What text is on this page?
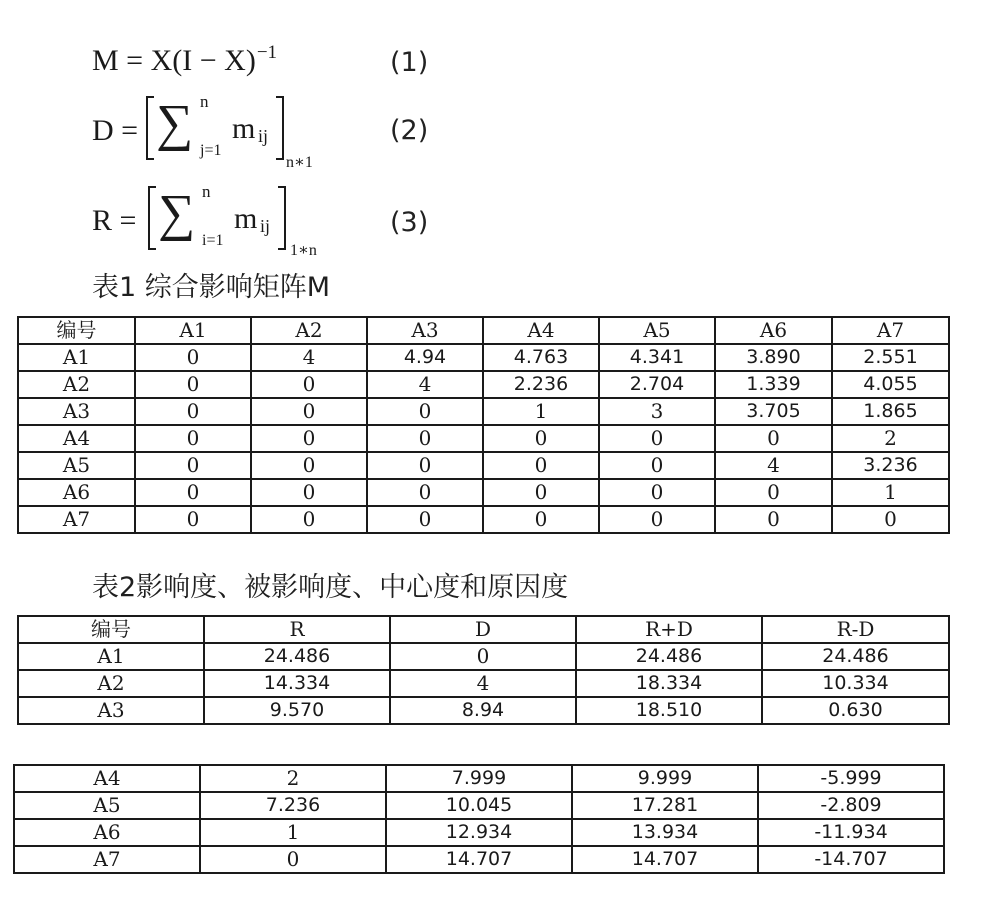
$M = X(I - X)^{-1}$	(1)
D = ∑ n
j=1
m ij
n∗1
(2)
R = ∑ n
i=1
m ij
1∗n
(3)
表1 综合影响矩阵M
编号	A1	A2	A3	A4	A5	A6	A7
A1	0	4	4.94	4.763	4.341	3.890	2.551
A2	0	0	4	2.236	2.704	1.339	4.055
A3	0	0	0	1	3	3.705	1.865
A4	0	0	0	0	0	0	2
A5	0	0	0	0	0	4	3.236
A6	0	0	0	0	0	0	1
A7	0	0	0	0	0	0	0
表2影响度、被影响度、中心度和原因度
编号	R	D	R+D	R-D
A1	24.486	0	24.486	24.486
A2	14.334	4	18.334	10.334
A3	9.570	8.94	18.510	0.630
A4	2	7.999	9.999	-5.999
A5	7.236	10.045	17.281	-2.809
A6	1	12.934	13.934	-11.934
A7	0	14.707	14.707	-14.707
